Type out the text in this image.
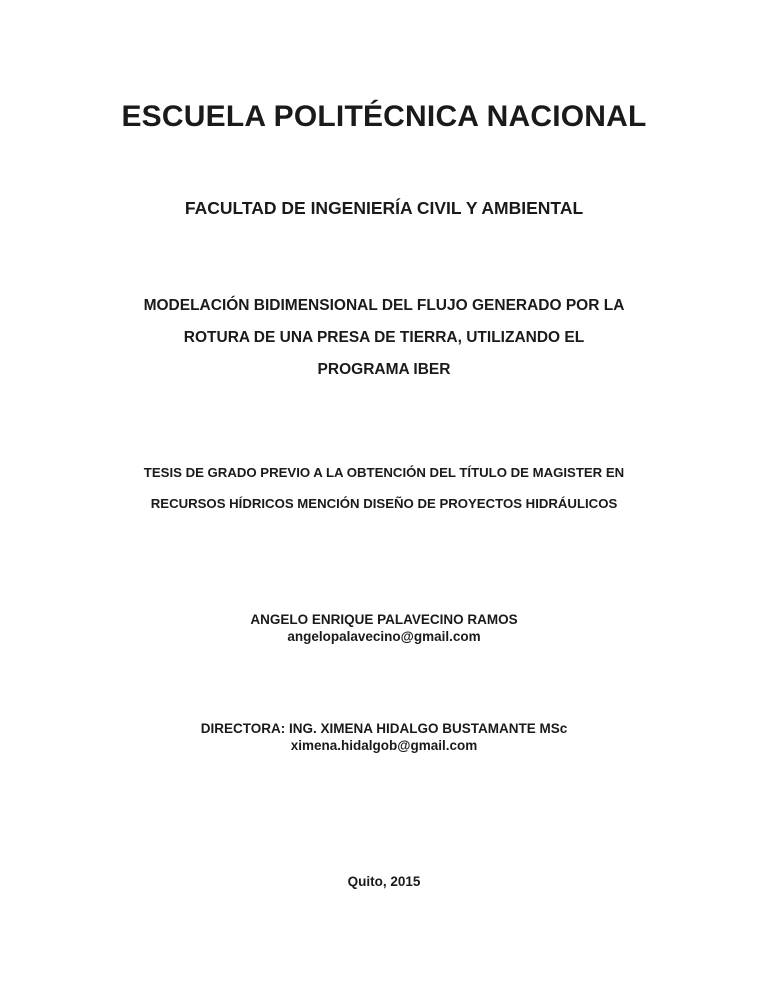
ESCUELA POLITÉCNICA NACIONAL
FACULTAD DE INGENIERÍA CIVIL Y AMBIENTAL
MODELACIÓN BIDIMENSIONAL DEL FLUJO GENERADO POR LA
ROTURA DE UNA PRESA DE TIERRA, UTILIZANDO EL
PROGRAMA IBER
TESIS DE GRADO PREVIO A LA OBTENCIÓN DEL TÍTULO DE MAGISTER EN
RECURSOS HÍDRICOS MENCIÓN DISEÑO DE PROYECTOS HIDRÁULICOS
ANGELO ENRIQUE PALAVECINO RAMOS
angelopalavecino@gmail.com
DIRECTORA: ING. XIMENA HIDALGO BUSTAMANTE MSc
ximena.hidalgob@gmail.com
Quito, 2015
